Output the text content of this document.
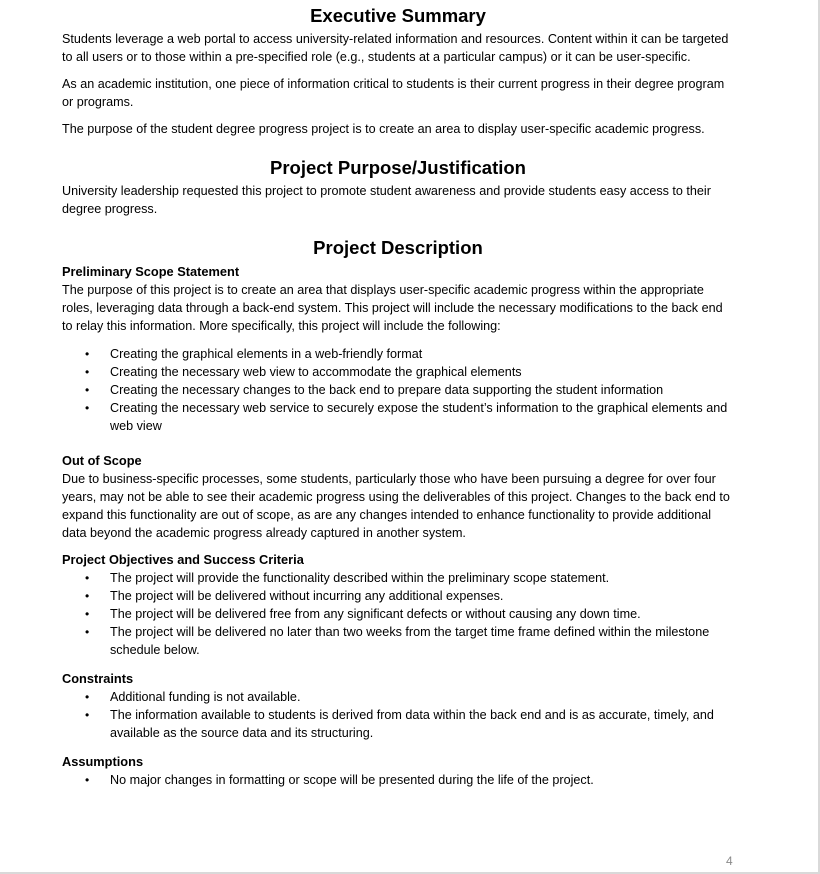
Executive Summary

Students leverage a web portal to access university-related information and resources. Content within it can be targeted to all users or to those within a pre-specified role (e.g., students at a particular campus) or it can be user-specific.

As an academic institution, one piece of information critical to students is their current progress in their degree program or programs.

The purpose of the student degree progress project is to create an area to display user-specific academic progress.

Project Purpose/Justification

University leadership requested this project to promote student awareness and provide students easy access to their degree progress.

Project Description
Preliminary Scope Statement

The purpose of this project is to create an area that displays user-specific academic progress within the appropriate roles, leveraging data through a back-end system. This project will include the necessary modifications to the back end to relay this information. More specifically, this project will include the following:

• Creating the graphical elements in a web-friendly format
• Creating the necessary web view to accommodate the graphical elements
• Creating the necessary changes to the back end to prepare data supporting the student information
• Creating the necessary web service to securely expose the student’s information to the graphical elements and web view
Out of Scope

Due to business-specific processes, some students, particularly those who have been pursuing a degree for over four years, may not be able to see their academic progress using the deliverables of this project. Changes to the back end to expand this functionality are out of scope, as are any changes intended to enhance functionality to provide additional data beyond the academic progress already captured in another system.

Project Objectives and Success Criteria
• The project will provide the functionality described within the preliminary scope statement.
• The project will be delivered without incurring any additional expenses.
• The project will be delivered free from any significant defects or without causing any down time.
• The project will be delivered no later than two weeks from the target time frame defined within the milestone schedule below.
Constraints
• Additional funding is not available.
• The information available to students is derived from data within the back end and is as accurate, timely, and available as the source data and its structuring.
Assumptions
• No major changes in formatting or scope will be presented during the life of the project.
4
